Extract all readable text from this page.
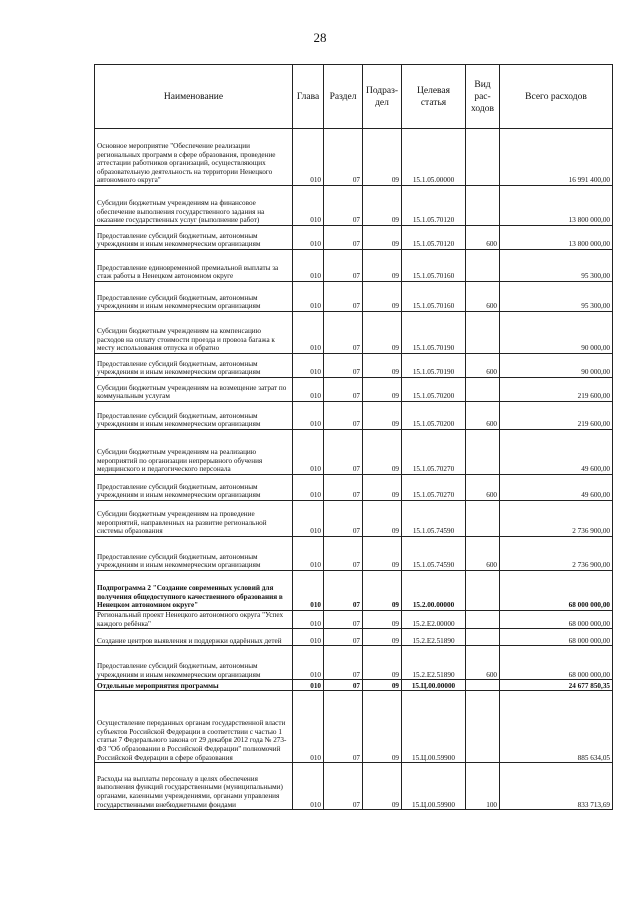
28
Наименование	Глава	Раздел	Подраз-дел	Целевая статья	Вид рас-ходов	Всего расходов
Основное мероприятие "Обеспечение реализации региональных программ в сфере образования, проведение аттестации работников организаций, осуществляющих образовательную деятельность на территории Ненецкого автономного округа"	010	07	09	15.1.05.00000		16 991 400,00
Субсидии бюджетным учреждениям на финансовое обеспечение выполнения государственного задания на оказание государственных услуг (выполнение работ)	010	07	09	15.1.05.70120		13 800 000,00
Предоставление субсидий бюджетным, автономным учреждениям и иным некоммерческим организациям	010	07	09	15.1.05.70120	600	13 800 000,00
Предоставление единовременной премиальной выплаты за стаж работы в Ненецком автономном округе	010	07	09	15.1.05.70160		95 300,00
Предоставление субсидий бюджетным, автономным учреждениям и иным некоммерческим организациям	010	07	09	15.1.05.70160	600	95 300,00
Субсидии бюджетным учреждениям на компенсацию расходов на оплату стоимости проезда и провоза багажа к месту использования отпуска и обратно	010	07	09	15.1.05.70190		90 000,00
Предоставление субсидий бюджетным, автономным учреждениям и иным некоммерческим организациям	010	07	09	15.1.05.70190	600	90 000,00
Субсидии бюджетным учреждениям на возмещение затрат по коммунальным услугам	010	07	09	15.1.05.70200		219 600,00
Предоставление субсидий бюджетным, автономным учреждениям и иным некоммерческим организациям	010	07	09	15.1.05.70200	600	219 600,00
Субсидии бюджетным учреждениям на реализацию мероприятий по организации непрерывного обучения медицинского и педагогического персонала	010	07	09	15.1.05.70270		49 600,00
Предоставление субсидий бюджетным, автономным учреждениям и иным некоммерческим организациям	010	07	09	15.1.05.70270	600	49 600,00
Субсидии бюджетным учреждениям на проведение мероприятий, направленных на развитие региональной системы образования	010	07	09	15.1.05.74590		2 736 900,00
Предоставление субсидий бюджетным, автономным учреждениям и иным некоммерческим организациям	010	07	09	15.1.05.74590	600	2 736 900,00
Подпрограмма 2 "Создание современных условий для получения общедоступного качественного образования в Ненецком автономном округе"	010	07	09	15.2.00.00000		68 000 000,00
Региональный проект Ненецкого автономного округа "Успех каждого ребёнка"	010	07	09	15.2.Е2.00000		68 000 000,00
Создание центров выявления и поддержки одарённых детей	010	07	09	15.2.Е2.51890		68 000 000,00
Предоставление субсидий бюджетным, автономным учреждениям и иным некоммерческим организациям	010	07	09	15.2.Е2.51890	600	68 000 000,00
Отдельные мероприятия программы	010	07	09	15.Ц.00.00000		24 677 850,35
Осуществление переданных органам государственной власти субъектов Российской Федерации в соответствии с частью 1 статьи 7 Федерального закона от 29 декабря 2012 года № 273-ФЗ "Об образовании в Российской Федерации" полномочий Российской Федерации в сфере образования	010	07	09	15.Ц.00.59900		885 634,05
Расходы на выплаты персоналу в целях обеспечения выполнения функций государственными (муниципальными) органами, казенными учреждениями, органами управления государственными внебюджетными фондами	010	07	09	15.Ц.00.59900	100	833 713,69
